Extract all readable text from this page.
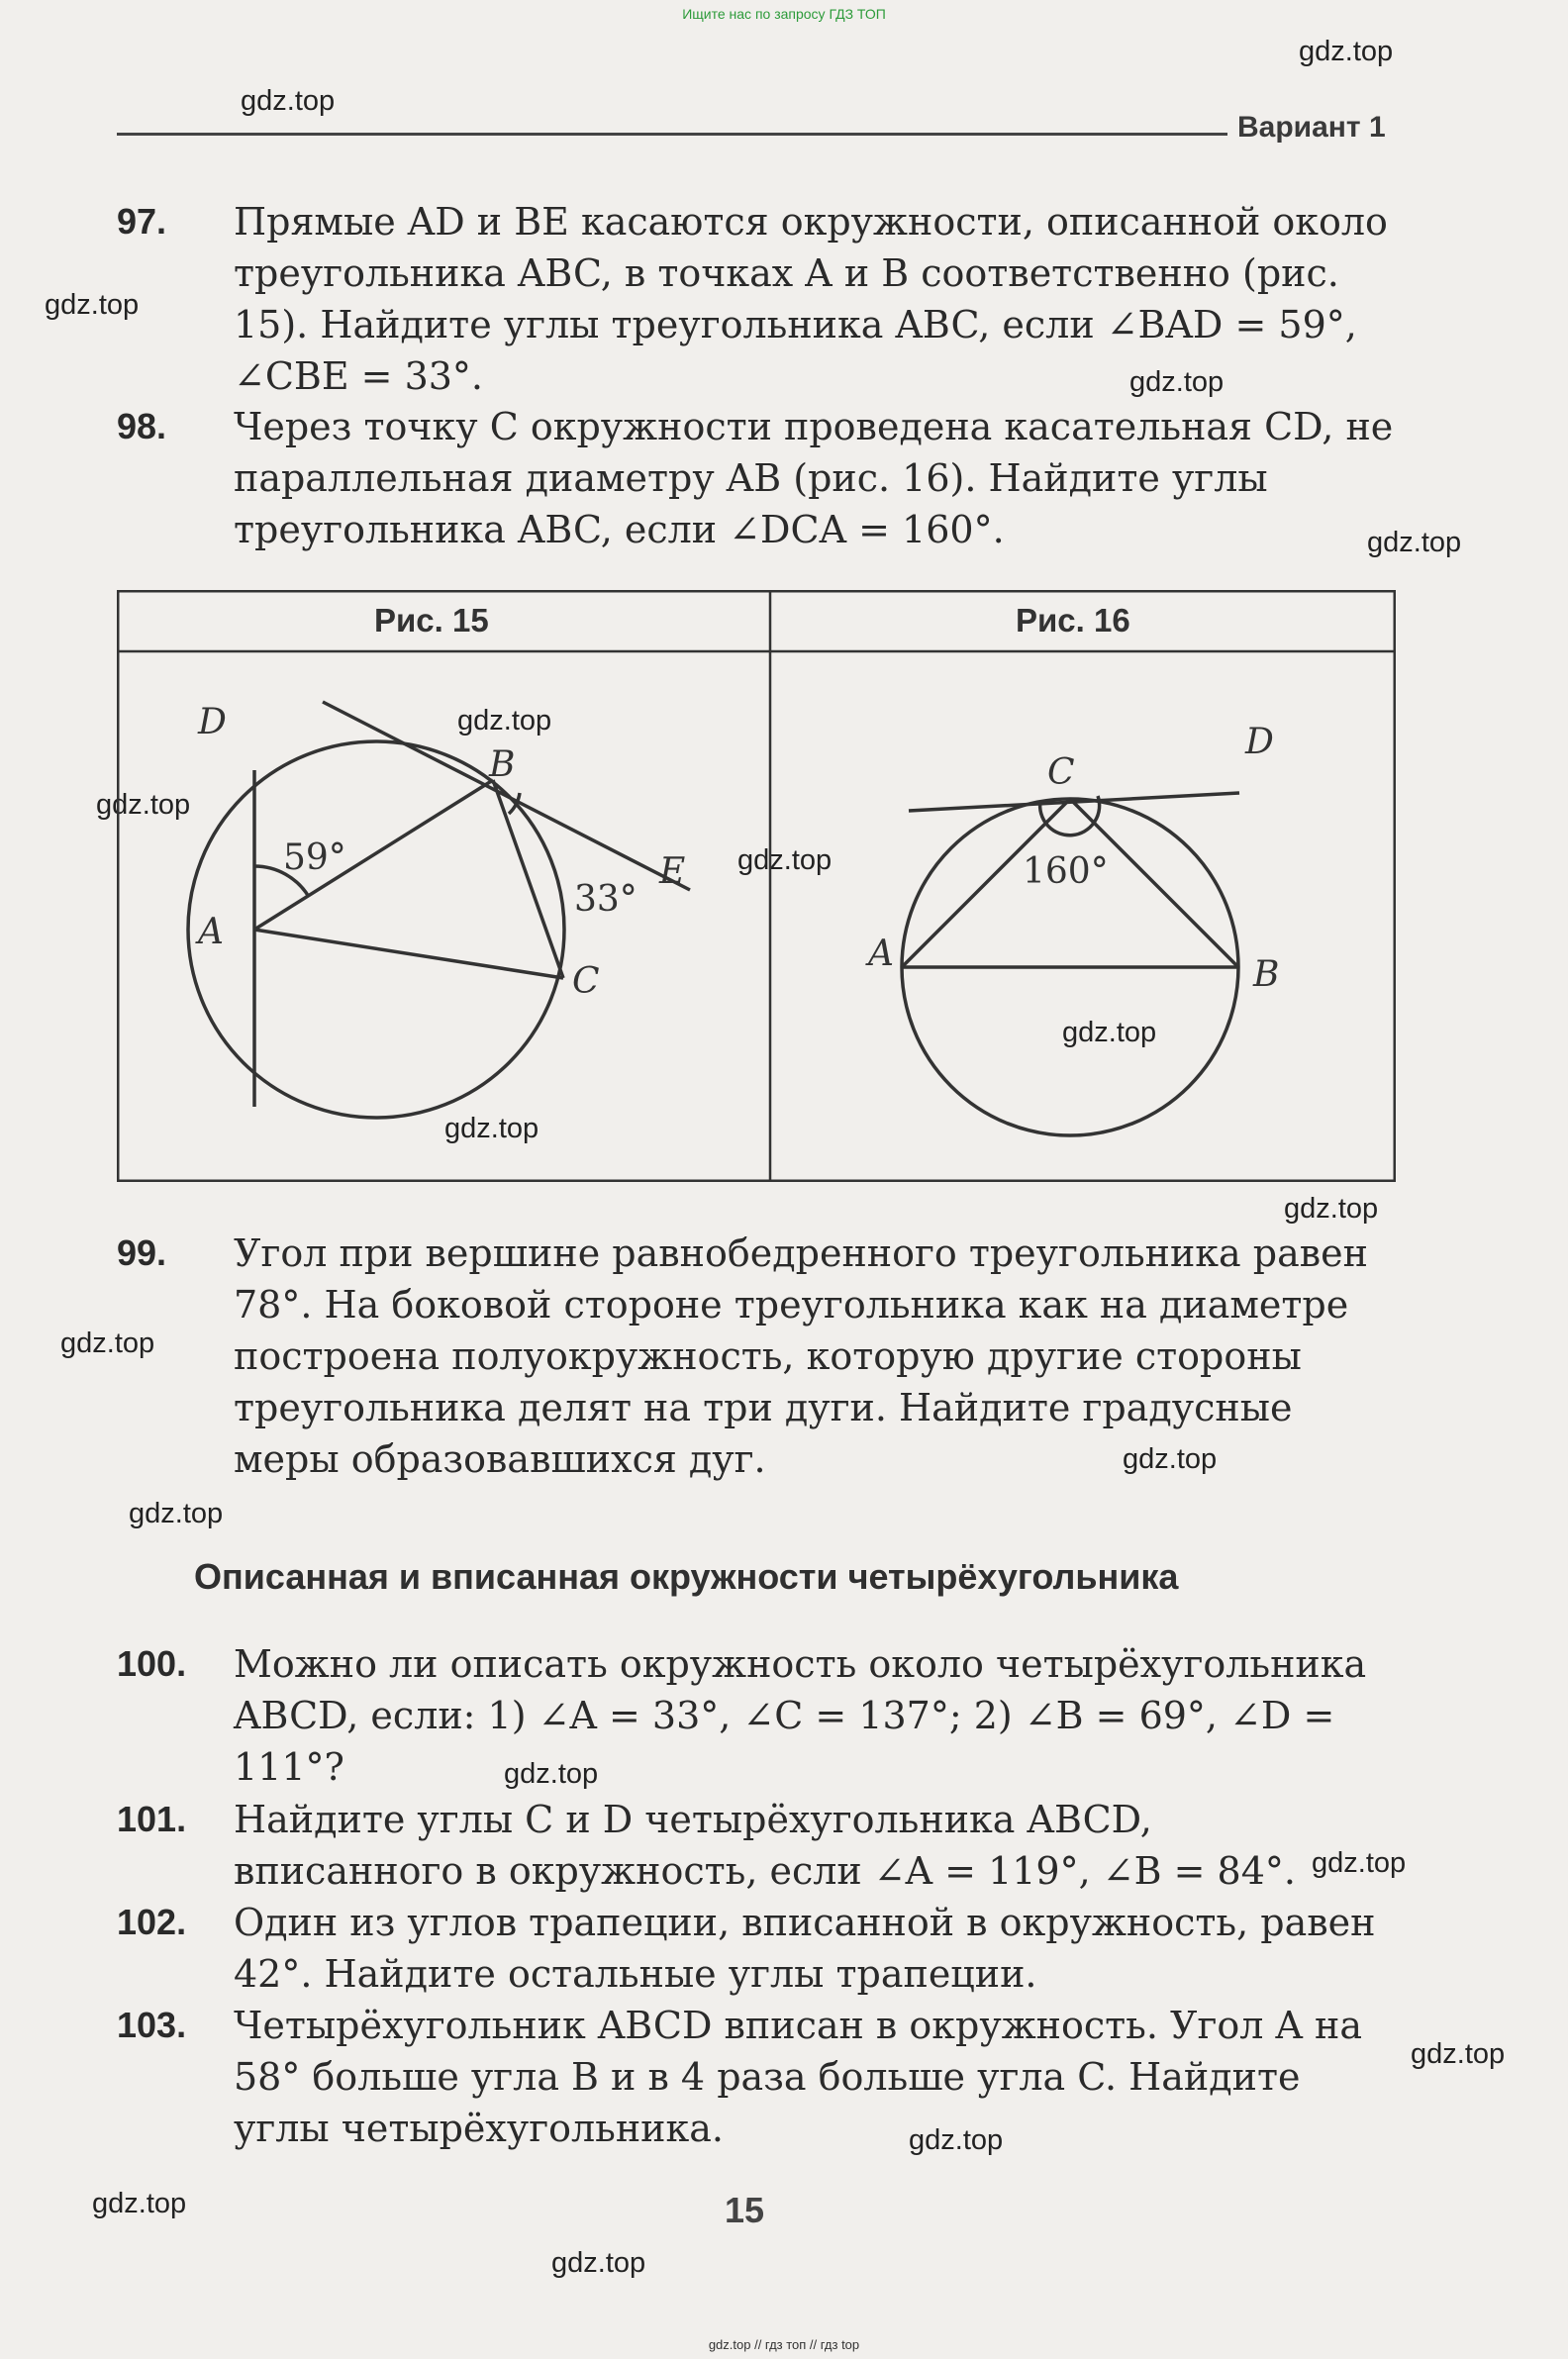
Ищите нас по запросу ГДЗ ТОП
gdz.top
gdz.top
gdz.top
gdz.top
gdz.top
gdz.top
gdz.top
gdz.top
gdz.top
gdz.top
gdz.top
gdz.top
gdz.top
gdz.top
gdz.top
gdz.top
gdz.top
gdz.top
gdz.top
gdz.top
Вариант 1
97. Прямые AD и BE касаются окружности, описанной около треугольника ABC, в точках A и B соответственно (рис. 15). Найдите углы треугольника ABC, если ∠BAD = 59°, ∠CBE = 33°.
98. Через точку C окружности проведена касательная CD, не параллельная диаметру AB (рис. 16). Найдите углы треугольника ABC, если ∠DCA = 160°.
Рис. 15	Рис. 16
D
A
B
C
E
59°
33°
C
D
A
B
160°
99. Угол при вершине равнобедренного треугольника равен 78°. На боковой стороне треугольника как на диаметре построена полуокружность, которую другие стороны треугольника делят на три дуги. Найдите градусные меры образовавшихся дуг.
Описанная и вписанная окружности четырёхугольника
100. Можно ли описать окружность около четырёхугольника ABCD, если: 1) ∠A = 33°, ∠C = 137°; 2) ∠B = 69°, ∠D = 111°?
101. Найдите углы C и D четырёхугольника ABCD, вписанного в окружность, если ∠A = 119°, ∠B = 84°.
102. Один из углов трапеции, вписанной в окружность, равен 42°. Найдите остальные углы трапеции.
103. Четырёхугольник ABCD вписан в окружность. Угол A на 58° больше угла B и в 4 раза больше угла C. Найдите углы четырёхугольника.
15
gdz.top // гдз топ // гдз top
